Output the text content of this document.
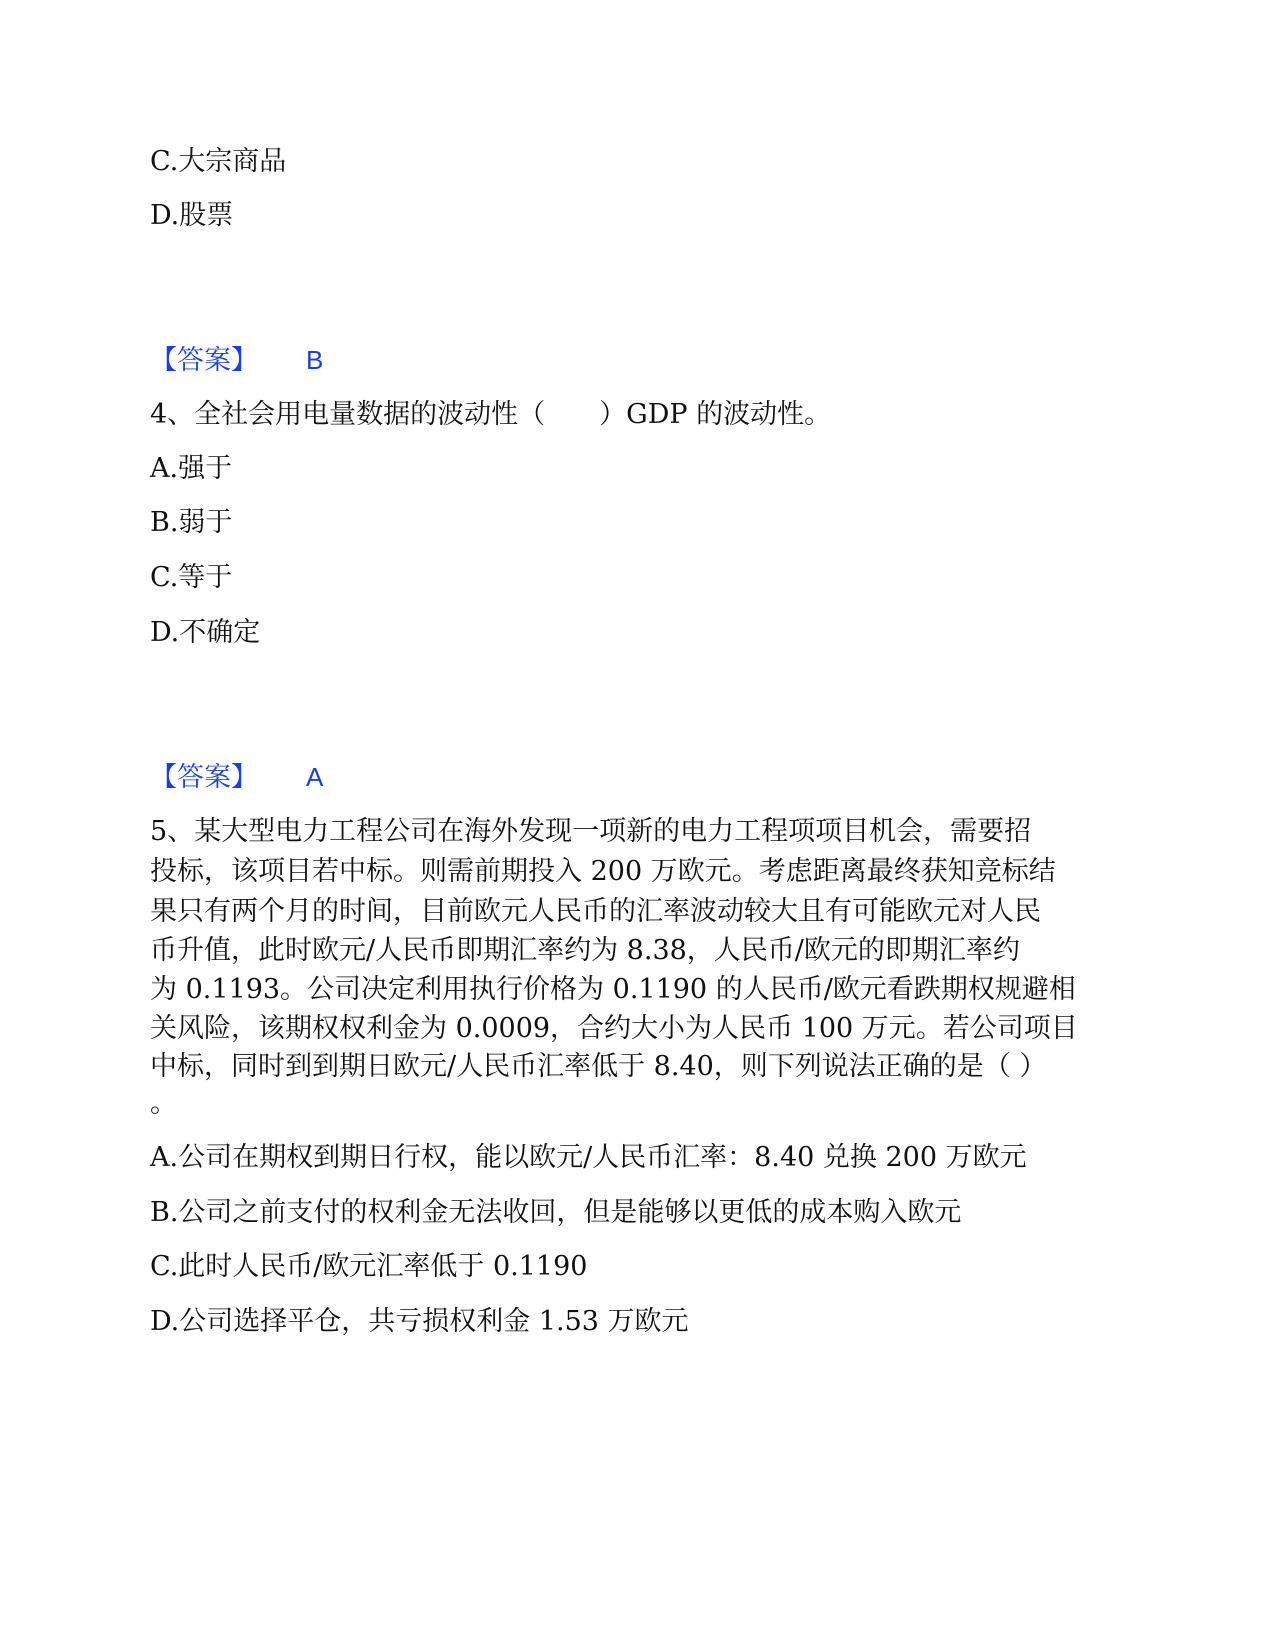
C.大宗商品
D.股票
【答案】 B
4、全社会用电量数据的波动性（　　）GDP 的波动性。
A.强于
B.弱于
C.等于
D.不确定
【答案】 A
5、某大型电力工程公司在海外发现一项新的电力工程项项目机会，需要招
投标，该项目若中标。则需前期投入 200 万欧元。考虑距离最终获知竞标结
果只有两个月的时间，目前欧元人民币的汇率波动较大且有可能欧元对人民
币升值，此时欧元/人民币即期汇率约为 8.38，人民币/欧元的即期汇率约
为 0.1193。公司决定利用执行价格为 0.1190 的人民币/欧元看跌期权规避相
关风险，该期权权利金为 0.0009，合约大小为人民币 100 万元。若公司项目
中标，同时到到期日欧元/人民币汇率低于 8.40，则下列说法正确的是（ ）
。
A.公司在期权到期日行权，能以欧元/人民币汇率：8.40 兑换 200 万欧元
B.公司之前支付的权利金无法收回，但是能够以更低的成本购入欧元
C.此时人民币/欧元汇率低于 0.1190
D.公司选择平仓，共亏损权利金 1.53 万欧元
